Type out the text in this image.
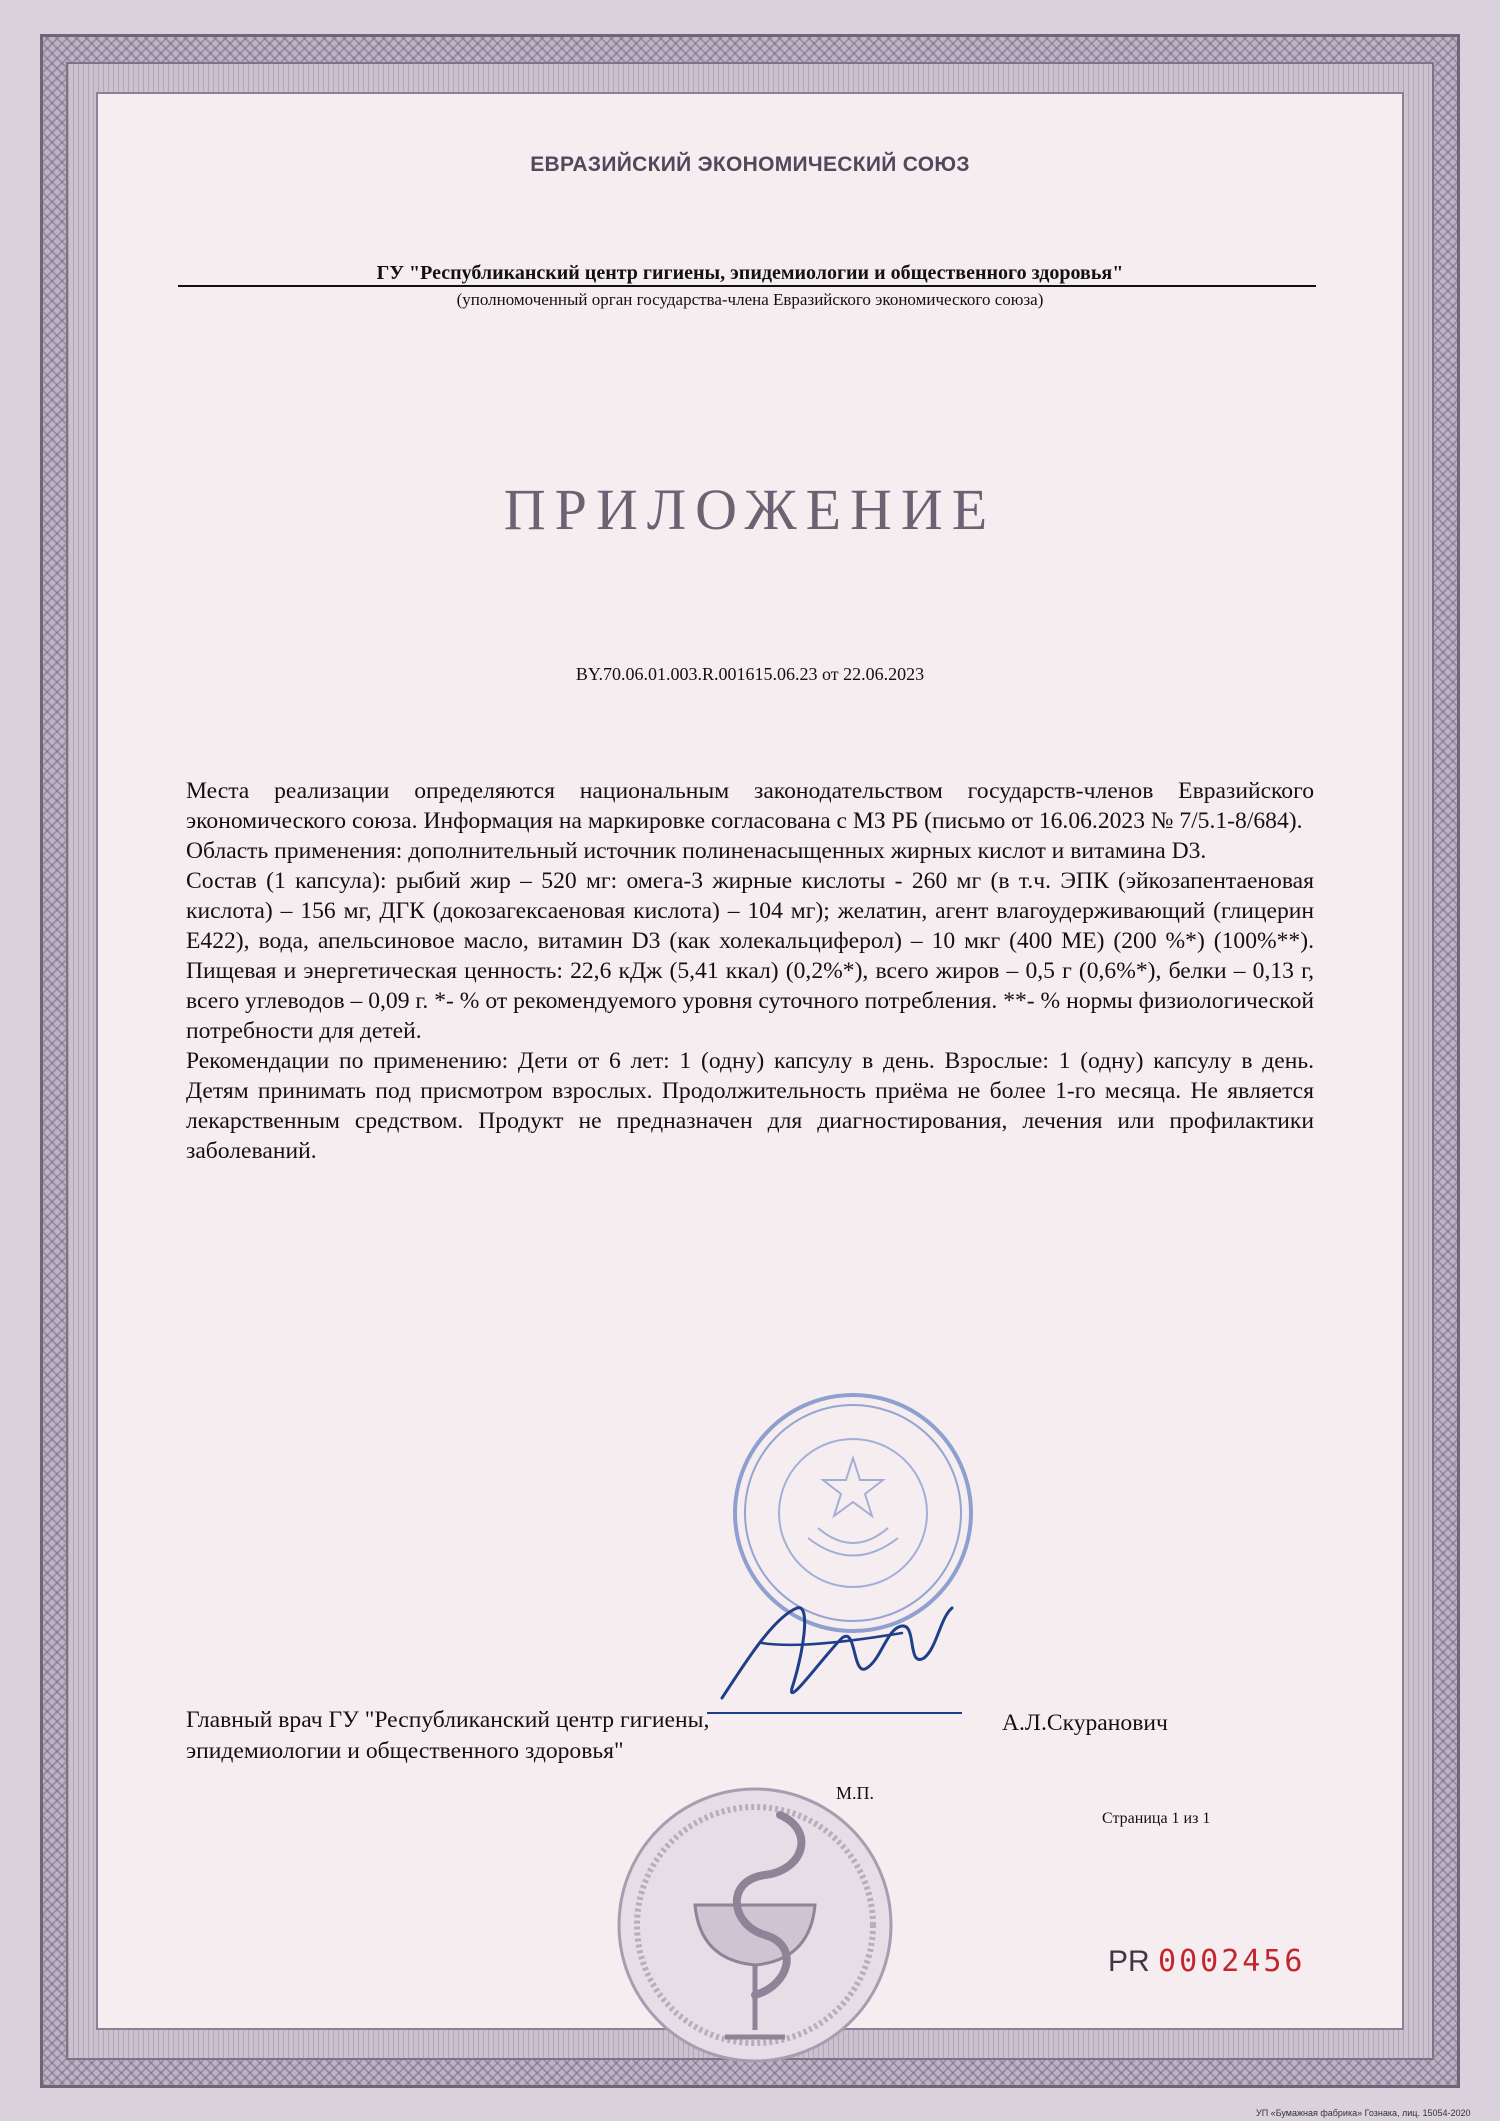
ЕВРАЗИЙСКИЙ ЭКОНОМИЧЕСКИЙ СОЮЗ
ГУ "Республиканский центр гигиены, эпидемиологии и общественного здоровья"
(уполномоченный орган государства-члена Евразийского экономического союза)
ПРИЛОЖЕНИЕ
BY.70.06.01.003.R.001615.06.23 от 22.06.2023

Места реализации определяются национальным законодательством государств-членов Евразийского экономического союза. Информация на маркировке согласована с МЗ РБ (письмо от 16.06.2023 № 7/5.1-8/684).

Область применения: дополнительный источник полиненасыщенных жирных кислот и витамина D3.

Состав (1 капсула): рыбий жир – 520 мг: омега-3 жирные кислоты - 260 мг (в т.ч. ЭПК (эйкозапентаеновая кислота) – 156 мг, ДГК (докозагексаеновая кислота) – 104 мг); желатин, агент влагоудерживающий (глицерин Е422), вода, апельсиновое масло, витамин D3 (как холекальциферол) – 10 мкг (400 МЕ) (200 %*) (100%**). Пищевая и энергетическая ценность: 22,6 кДж (5,41 ккал) (0,2%*), всего жиров – 0,5 г (0,6%*), белки – 0,13 г, всего углеводов – 0,09 г. *- % от рекомендуемого уровня суточного потребления. **- % нормы физиологической потребности для детей.

Рекомендации по применению: Дети от 6 лет: 1 (одну) капсулу в день. Взрослые: 1 (одну) капсулу в день. Детям принимать под присмотром взрослых. Продолжительность приёма не более 1-го месяца. Не является лекарственным средством. Продукт не предназначен для диагностирования, лечения или профилактики заболеваний.

Главный врач ГУ "Республиканский центр гигиены, эпидемиологии и общественного здоровья"
А.Л.Скуранович
М.П.
Страница 1 из 1
PR 0002456
УП «Бумажная фабрика» Гознака, лиц. 15054-2020
